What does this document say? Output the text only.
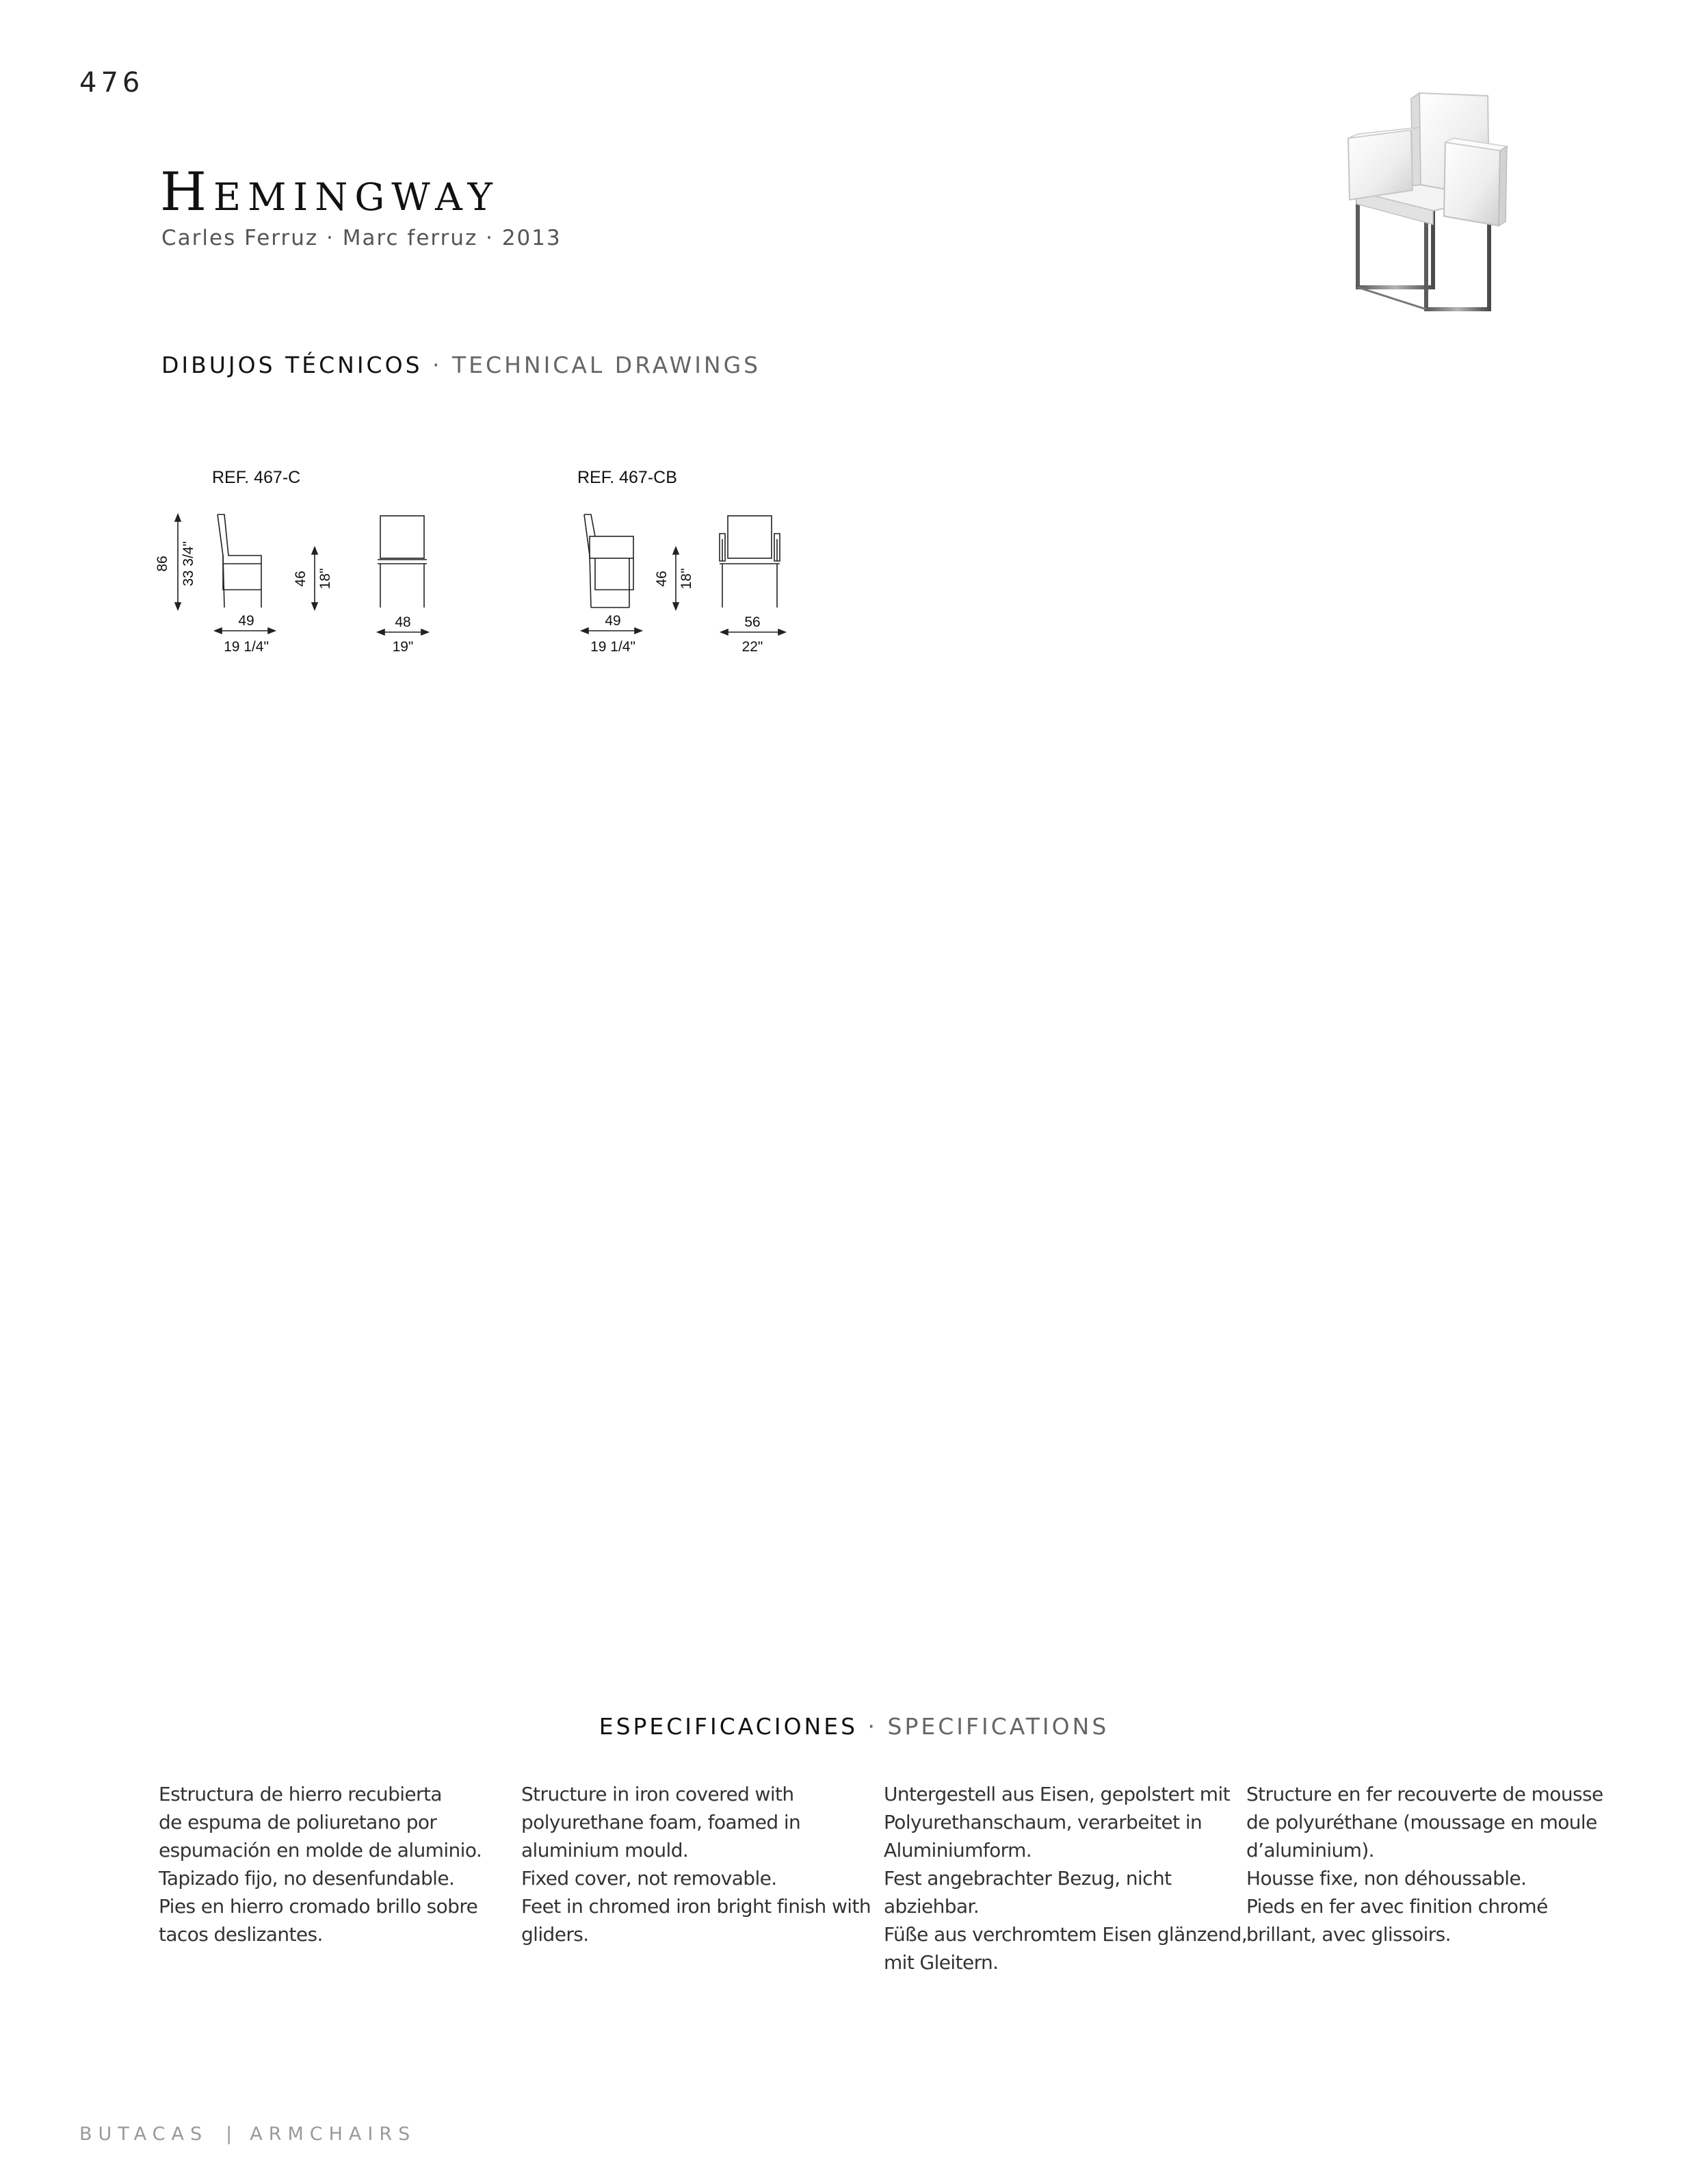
476
Hemingway
Carles Ferruz · Marc ferruz · 2013
DIBUJOS TÉCNICOS · TECHNICAL DRAWINGS
REF. 467-C
86 33 3/4"	46 18"
49
19 1/4"
48
19"
REF. 467-CB
46 18"
49
19 1/4"
56
22"
ESPECIFICACIONES · SPECIFICATIONS
Estructura de hierro recubierta
de espuma de poliuretano por
espumación en molde de aluminio.
Tapizado fijo, no desenfundable.
Pies en hierro cromado brillo sobre
tacos deslizantes.
Structure in iron covered with
polyurethane foam, foamed in
aluminium mould.
Fixed cover, not removable.
Feet in chromed iron bright finish with
gliders.
Untergestell aus Eisen, gepolstert mit
Polyurethanschaum, verarbeitet in
Aluminiumform.
Fest angebrachter Bezug, nicht
abziehbar.
Füße aus verchromtem Eisen glänzend,
mit Gleitern.
Structure en fer recouverte de mousse
de polyuréthane (moussage en moule
d’aluminium).
Housse fixe, non déhoussable.
Pieds en fer avec finition chromé
brillant, avec glissoirs.
BUTACAS | ARMCHAIRS
